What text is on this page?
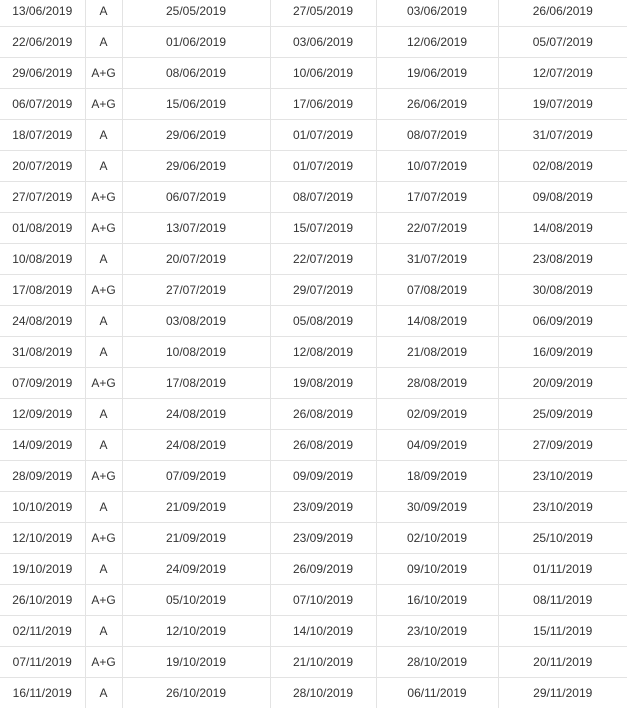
13/06/2019	A	25/05/2019	27/05/2019	03/06/2019	26/06/2019
22/06/2019	A	01/06/2019	03/06/2019	12/06/2019	05/07/2019
29/06/2019	A+G	08/06/2019	10/06/2019	19/06/2019	12/07/2019
06/07/2019	A+G	15/06/2019	17/06/2019	26/06/2019	19/07/2019
18/07/2019	A	29/06/2019	01/07/2019	08/07/2019	31/07/2019
20/07/2019	A	29/06/2019	01/07/2019	10/07/2019	02/08/2019
27/07/2019	A+G	06/07/2019	08/07/2019	17/07/2019	09/08/2019
01/08/2019	A+G	13/07/2019	15/07/2019	22/07/2019	14/08/2019
10/08/2019	A	20/07/2019	22/07/2019	31/07/2019	23/08/2019
17/08/2019	A+G	27/07/2019	29/07/2019	07/08/2019	30/08/2019
24/08/2019	A	03/08/2019	05/08/2019	14/08/2019	06/09/2019
31/08/2019	A	10/08/2019	12/08/2019	21/08/2019	16/09/2019
07/09/2019	A+G	17/08/2019	19/08/2019	28/08/2019	20/09/2019
12/09/2019	A	24/08/2019	26/08/2019	02/09/2019	25/09/2019
14/09/2019	A	24/08/2019	26/08/2019	04/09/2019	27/09/2019
28/09/2019	A+G	07/09/2019	09/09/2019	18/09/2019	23/10/2019
10/10/2019	A	21/09/2019	23/09/2019	30/09/2019	23/10/2019
12/10/2019	A+G	21/09/2019	23/09/2019	02/10/2019	25/10/2019
19/10/2019	A	24/09/2019	26/09/2019	09/10/2019	01/11/2019
26/10/2019	A+G	05/10/2019	07/10/2019	16/10/2019	08/11/2019
02/11/2019	A	12/10/2019	14/10/2019	23/10/2019	15/11/2019
07/11/2019	A+G	19/10/2019	21/10/2019	28/10/2019	20/11/2019
16/11/2019	A	26/10/2019	28/10/2019	06/11/2019	29/11/2019
